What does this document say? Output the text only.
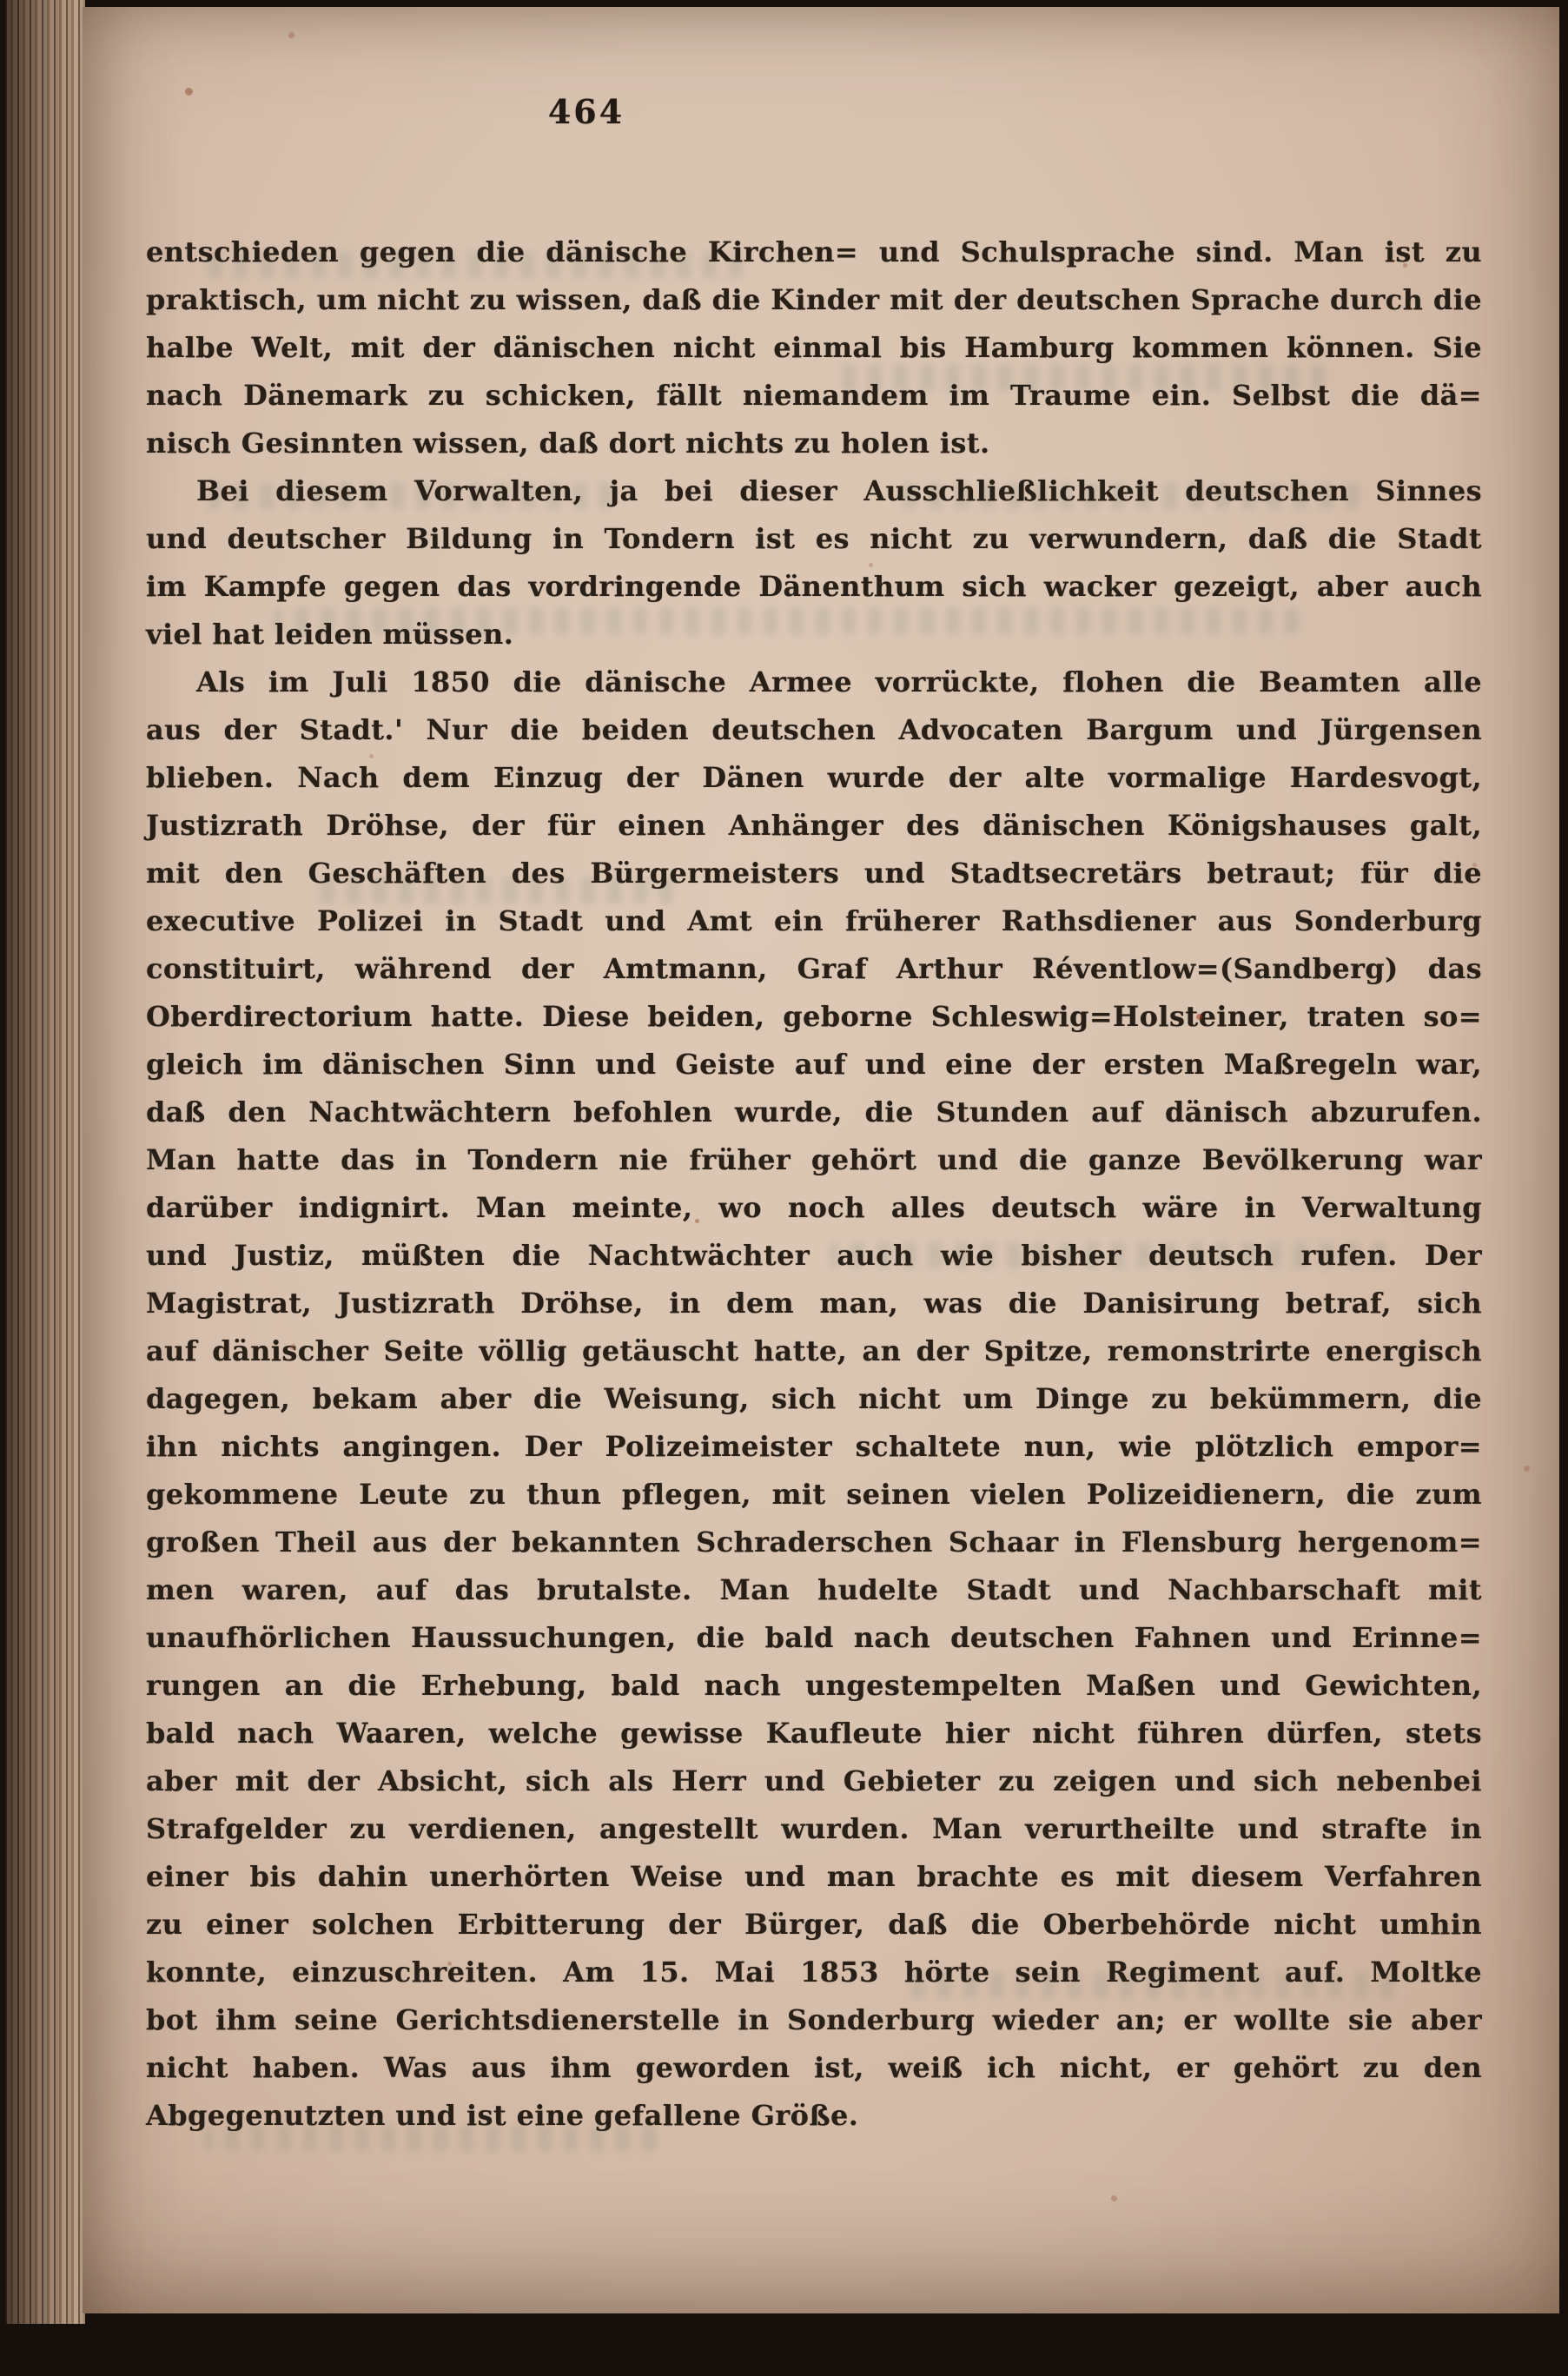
464
entschieden gegen die dänische Kirchen= und Schulsprache sind. Man ist zu
praktisch, um nicht zu wissen, daß die Kinder mit der deutschen Sprache durch die
halbe Welt, mit der dänischen nicht einmal bis Hamburg kommen können. Sie
nach Dänemark zu schicken, fällt niemandem im Traume ein. Selbst die dä=
nisch Gesinnten wissen, daß dort nichts zu holen ist.
Bei diesem Vorwalten, ja bei dieser Ausschließlichkeit deutschen Sinnes
und deutscher Bildung in Tondern ist es nicht zu verwundern, daß die Stadt
im Kampfe gegen das vordringende Dänenthum sich wacker gezeigt, aber auch
viel hat leiden müssen.
Als im Juli 1850 die dänische Armee vorrückte, flohen die Beamten alle
aus der Stadt.' Nur die beiden deutschen Advocaten Bargum und Jürgensen
blieben. Nach dem Einzug der Dänen wurde der alte vormalige Hardesvogt,
Justizrath Dröhse, der für einen Anhänger des dänischen Königshauses galt,
mit den Geschäften des Bürgermeisters und Stadtsecretärs betraut; für die
executive Polizei in Stadt und Amt ein früherer Rathsdiener aus Sonderburg
constituirt, während der Amtmann, Graf Arthur Réventlow=(Sandberg) das
Oberdirectorium hatte. Diese beiden, geborne Schleswig=Holsteiner, traten so=
gleich im dänischen Sinn und Geiste auf und eine der ersten Maßregeln war,
daß den Nachtwächtern befohlen wurde, die Stunden auf dänisch abzurufen.
Man hatte das in Tondern nie früher gehört und die ganze Bevölkerung war
darüber indignirt. Man meinte, wo noch alles deutsch wäre in Verwaltung
und Justiz, müßten die Nachtwächter auch wie bisher deutsch rufen. Der
Magistrat, Justizrath Dröhse, in dem man, was die Danisirung betraf, sich
auf dänischer Seite völlig getäuscht hatte, an der Spitze, remonstrirte energisch
dagegen, bekam aber die Weisung, sich nicht um Dinge zu bekümmern, die
ihn nichts angingen. Der Polizeimeister schaltete nun, wie plötzlich empor=
gekommene Leute zu thun pflegen, mit seinen vielen Polizeidienern, die zum
großen Theil aus der bekannten Schraderschen Schaar in Flensburg hergenom=
men waren, auf das brutalste. Man hudelte Stadt und Nachbarschaft mit
unaufhörlichen Haussuchungen, die bald nach deutschen Fahnen und Erinne=
rungen an die Erhebung, bald nach ungestempelten Maßen und Gewichten,
bald nach Waaren, welche gewisse Kaufleute hier nicht führen dürfen, stets
aber mit der Absicht, sich als Herr und Gebieter zu zeigen und sich nebenbei
Strafgelder zu verdienen, angestellt wurden. Man verurtheilte und strafte in
einer bis dahin unerhörten Weise und man brachte es mit diesem Verfahren
zu einer solchen Erbitterung der Bürger, daß die Oberbehörde nicht umhin
konnte, einzuschreiten. Am 15. Mai 1853 hörte sein Regiment auf. Moltke
bot ihm seine Gerichtsdienerstelle in Sonderburg wieder an; er wollte sie aber
nicht haben. Was aus ihm geworden ist, weiß ich nicht, er gehört zu den
Abgegenutzten und ist eine gefallene Größe.
